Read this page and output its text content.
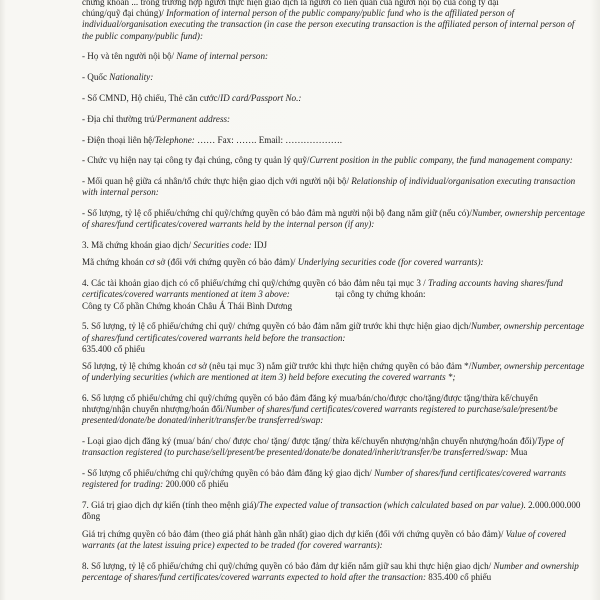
chứng khoán ... trong trường hợp người thực hiện giao dịch là người có liên quan của người nội bộ của công ty đại
chúng/quỹ đại chúng)/ Information of internal person of the public company/public fund who is the affiliated person of individual/organisation executing the transaction (in case the person executing transaction is the affiliated person of internal person of the public company/public fund):

- Họ và tên người nội bộ/ Name of internal person:

- Quốc Nationality:

- Số CMND, Hộ chiếu, Thẻ căn cước/ID card/Passport No.:

- Địa chỉ thường trú/Permanent address:

- Điện thoại liên hệ/Telephone: …… Fax: ……. Email: ……………….

- Chức vụ hiện nay tại công ty đại chúng, công ty quản lý quỹ/Current position in the public company, the fund management company:

- Mối quan hệ giữa cá nhân/tổ chức thực hiện giao dịch với người nội bộ/ Relationship of individual/organisation executing transaction with internal person:

- Số lượng, tỷ lệ cổ phiếu/chứng chỉ quỹ/chứng quyền có bảo đảm mà người nội bộ đang nắm giữ (nếu có)/Number, ownership percentage of shares/fund certificates/covered warrants held by the internal person (if any):

3. Mã chứng khoán giao dịch/ Securities code: IDJ

Mã chứng khoán cơ sở (đối với chứng quyền có bảo đảm)/ Underlying securities code (for covered warrants):

4. Các tài khoản giao dịch có cổ phiếu/chứng chỉ quỹ/chứng quyền có bảo đảm nêu tại mục 3 / Trading accounts having shares/fund certificates/covered warrants mentioned at item 3 above:                    tại công ty chứng khoán:
Công ty Cổ phần Chứng khoán Châu Á Thái Bình Dương

5. Số lượng, tỷ lệ cổ phiếu/chứng chỉ quỹ/ chứng quyền có bảo đảm nắm giữ trước khi thực hiện giao dịch/Number, ownership percentage of shares/fund certificates/covered warrants held before the transaction:
635.400 cổ phiếu

Số lượng, tỷ lệ chứng khoán cơ sở (nêu tại mục 3) nắm giữ trước khi thực hiện chứng quyền có bảo đảm */Number, ownership percentage of underlying securities (which are mentioned at item 3) held before executing the covered warrants *;

6. Số lượng cổ phiếu/chứng chỉ quỹ/chứng quyền có bảo đảm đăng ký mua/bán/cho/được cho/tặng/được tặng/thừa kế/chuyển nhượng/nhận chuyển nhượng/hoán đổi/Number of shares/fund certificates/covered warrants registered to purchase/sale/present/be presented/donate/be donated/inherit/transfer/be transferred/swap:

- Loại giao dịch đăng ký (mua/ bán/ cho/ được cho/ tặng/ được tặng/ thừa kế/chuyển nhượng/nhận chuyển nhượng/hoán đổi)/Type of transaction registered (to purchase/sell/present/be presented/donate/be donated/inherit/transfer/be transferred/swap: Mua

- Số lượng cổ phiếu/chứng chỉ quỹ/chứng quyền có bảo đảm đăng ký giao dịch/ Number of shares/fund certificates/covered warrants registered for trading: 200.000 cổ phiếu

7. Giá trị giao dịch dự kiến (tính theo mệnh giá)/The expected value of transaction (which calculated based on par value). 2.000.000.000 đồng

Giá trị chứng quyền có bảo đảm (theo giá phát hành gần nhất) giao dịch dự kiến (đối với chứng quyền có bảo đảm)/ Value of covered warrants (at the latest issuing price) expected to be traded (for covered warrants):

8. Số lượng, tỷ lệ cổ phiếu/chứng chỉ quỹ/chứng quyền có bảo đảm dự kiến nắm giữ sau khi thực hiện giao dịch/ Number and ownership percentage of shares/fund certificates/covered warrants expected to hold after the transaction: 835.400 cổ phiếu
